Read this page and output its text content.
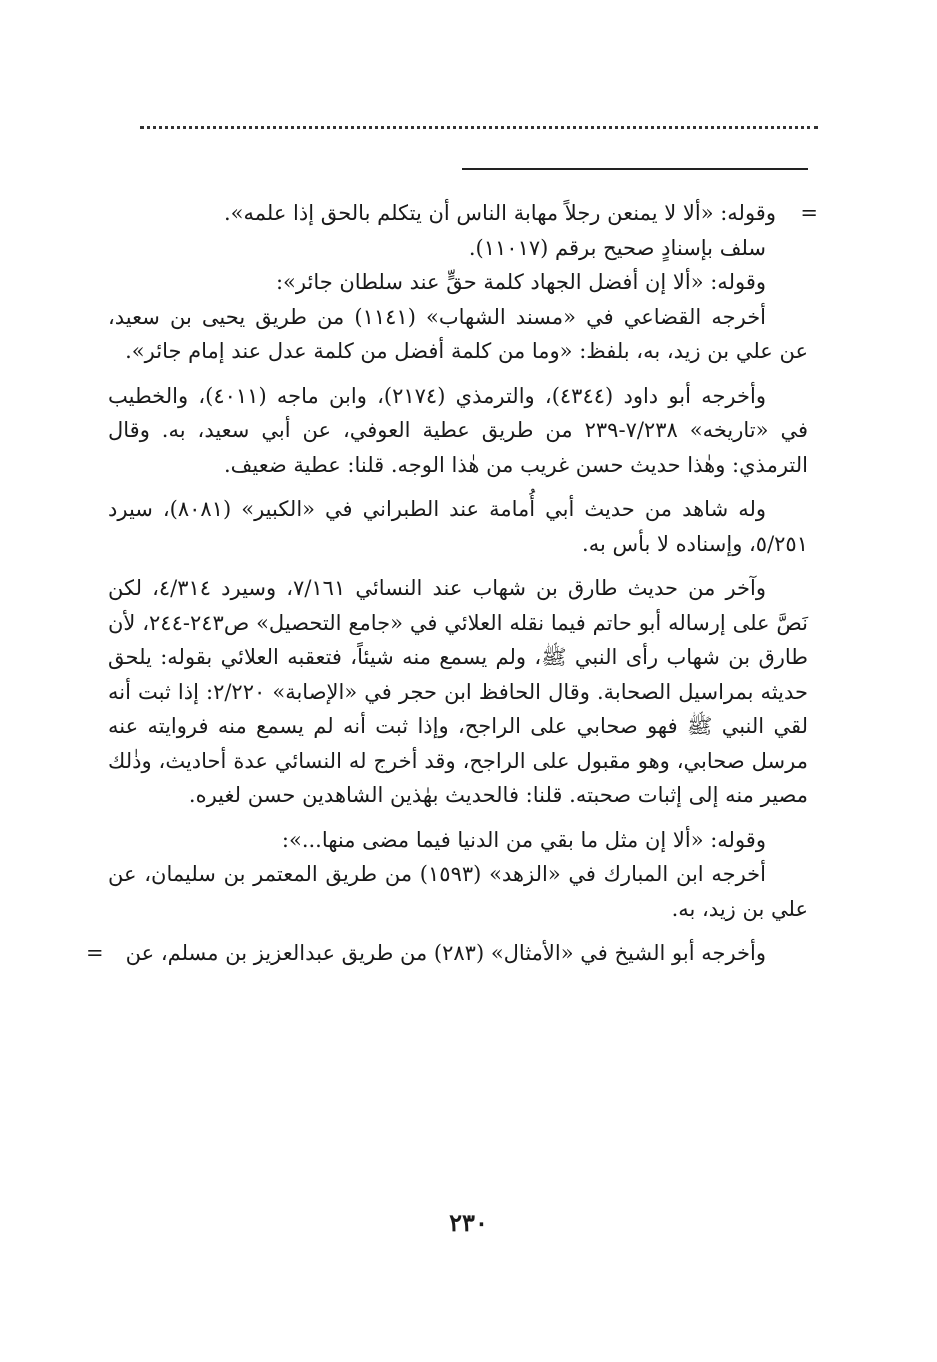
=
وقوله: «ألا لا يمنعن رجلاً مهابة الناس أن يتكلم بالحق إذا علمه».

سلف بإسنادٍ صحيح برقم (١١٠١٧).

وقوله: «ألا إن أفضل الجهاد كلمة حقٍّ عند سلطان جائر»:

أخرجه القضاعي في «مسند الشهاب» (١١٤١) من طريق يحيى بن سعيد، عن علي بن زيد، به، بلفظ: «وما من كلمة أفضل من كلمة عدل عند إمام جائر».

وأخرجه أبو داود (٤٣٤٤)، والترمذي (٢١٧٤)، وابن ماجه (٤٠١١)، والخطيب في «تاريخه» ٧/٢٣٨-٢٣٩ من طريق عطية العوفي، عن أبي سعيد، به. وقال الترمذي: وهٰذا حديث حسن غريب من هٰذا الوجه. قلنا: عطية ضعيف.

وله شاهد من حديث أبي أُمامة عند الطبراني في «الكبير» (٨٠٨١)، سيرد ٥/٢٥١، وإسناده لا بأس به.

وآخر من حديث طارق بن شهاب عند النسائي ٧/١٦١، وسيرد ٤/٣١٤، لكن نَصَّ على إرساله أبو حاتم فيما نقله العلائي في «جامع التحصيل» ص٢٤٣-٢٤٤، لأن طارق بن شهاب رأى النبي ﷺ، ولم يسمع منه شيئاً، فتعقبه العلائي بقوله: يلحق حديثه بمراسيل الصحابة. وقال الحافظ ابن حجر في «الإصابة» ٢/٢٢٠: إذا ثبت أنه لقي النبي ﷺ فهو صحابي على الراجح، وإذا ثبت أنه لم يسمع منه فروايته عنه مرسل صحابي، وهو مقبول على الراجح، وقد أخرج له النسائي عدة أحاديث، وذٰلك مصير منه إلى إثبات صحبته. قلنا: فالحديث بهٰذين الشاهدين حسن لغيره.

وقوله: «ألا إن مثل ما بقي من الدنيا فيما مضى منها...»:

أخرجه ابن المبارك في «الزهد» (١٥٩٣) من طريق المعتمر بن سليمان، عن علي بن زيد، به.

وأخرجه أبو الشيخ في «الأمثال» (٢٨٣) من طريق عبدالعزيز بن مسلم، عن
=

٢٣٠
